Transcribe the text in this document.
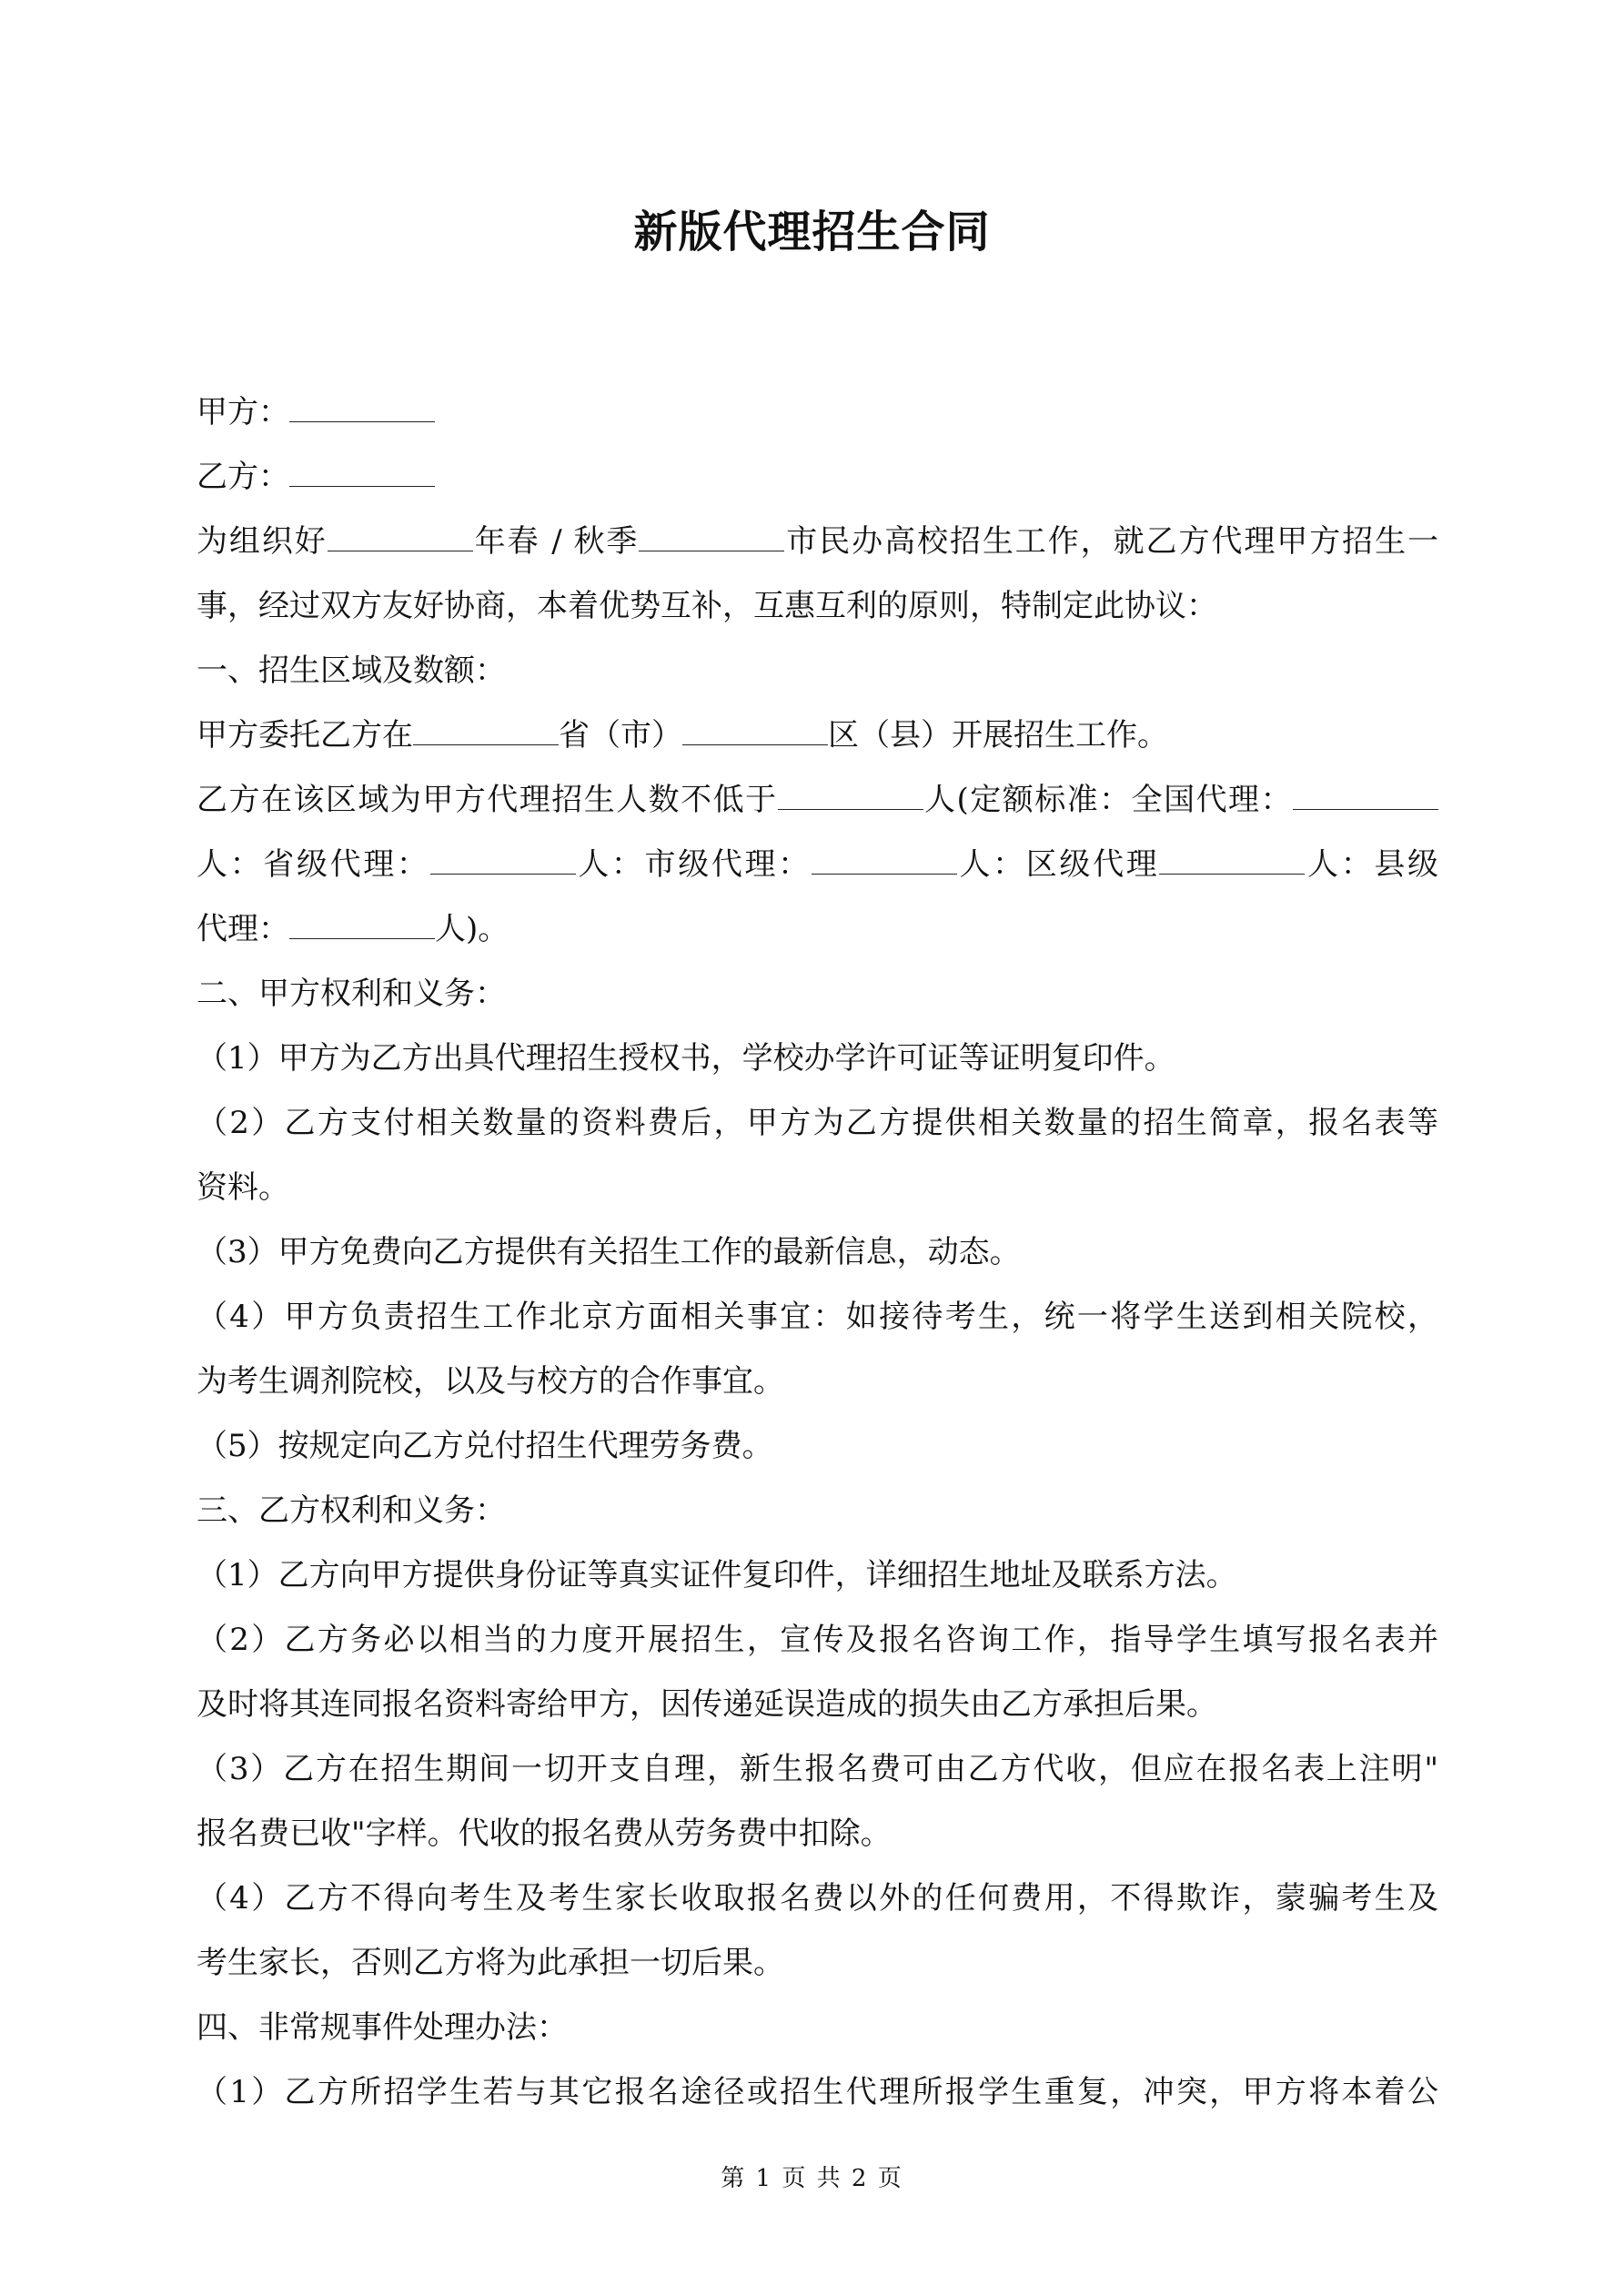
新版代理招生合同
甲方：
乙方：
为组织好	年春 / 秋季	市民办高校招生工作，就乙方代理甲方招生一
事，经过双方友好协商，本着优势互补，互惠互利的原则，特制定此协议：
一、招生区域及数额：
甲方委托乙方在	省（市）	区（县）开展招生工作。
乙方在该区域为甲方代理招生人数不低于	人(定额标准：全国代理：
人：省级代理：	人：市级代理：	人：区级代理	人：县级
代理：	人)。
二、甲方权利和义务：
（1）甲方为乙方出具代理招生授权书，学校办学许可证等证明复印件。
（2）乙方支付相关数量的资料费后，甲方为乙方提供相关数量的招生简章，报名表等
资料。
（3）甲方免费向乙方提供有关招生工作的最新信息，动态。
（4）甲方负责招生工作北京方面相关事宜：如接待考生，统一将学生送到相关院校，
为考生调剂院校，以及与校方的合作事宜。
（5）按规定向乙方兑付招生代理劳务费。
三、乙方权利和义务：
（1）乙方向甲方提供身份证等真实证件复印件，详细招生地址及联系方法。
（2）乙方务必以相当的力度开展招生，宣传及报名咨询工作，指导学生填写报名表并
及时将其连同报名资料寄给甲方，因传递延误造成的损失由乙方承担后果。
（3）乙方在招生期间一切开支自理，新生报名费可由乙方代收，但应在报名表上注明"
报名费已收"字样。代收的报名费从劳务费中扣除。
（4）乙方不得向考生及考生家长收取报名费以外的任何费用，不得欺诈，蒙骗考生及
考生家长，否则乙方将为此承担一切后果。
四、非常规事件处理办法：
（1）乙方所招学生若与其它报名途径或招生代理所报学生重复，冲突，甲方将本着公
第 1 页 共 2 页
